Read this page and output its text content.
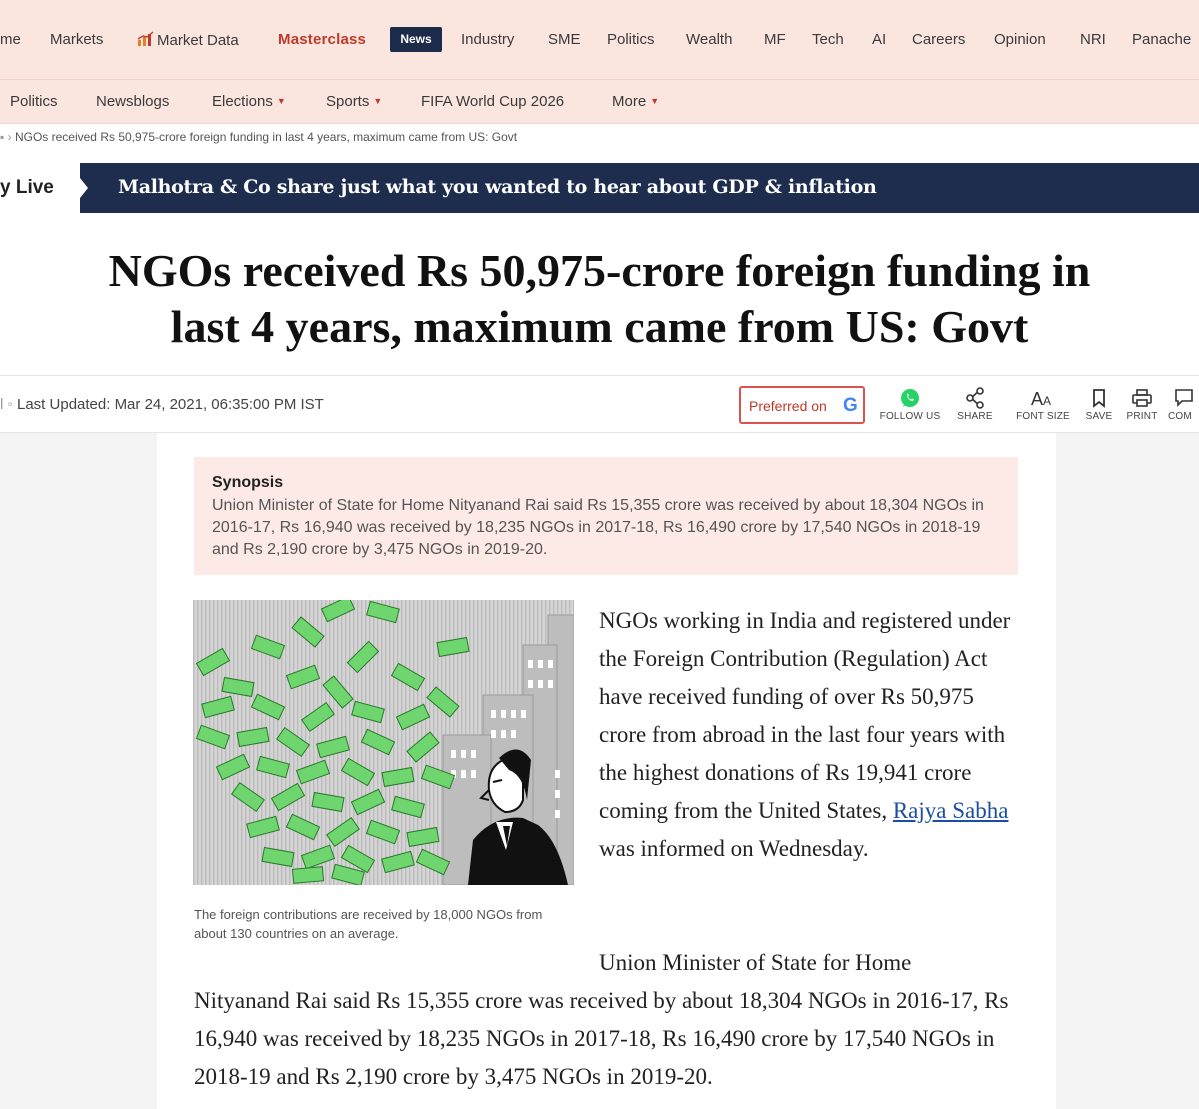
me Markets	Market Data	Masterclass	News	Industry SME Politics Wealth MF Tech AI Careers Opinion NRI Panache
Politics	Newsblogs	Elections ▼	Sports ▼	FIFA World Cup 2026	More ▼
▪ › NGOs received Rs 50,975-crore foreign funding in last 4 years, maximum came from US: Govt
y Live	Malhotra & Co share just what you wanted to hear about GDP & inflation
NGOs received Rs 50,975-crore foreign funding in
last 4 years, maximum came from US: Govt
l ◦ Last Updated: Mar 24, 2021, 06:35:00 PM IST	Preferred on G
FOLLOW US	SHARE
A A
FONT SIZE	SAVE	PRINT	COM
Synopsis
Union Minister of State for Home Nityanand Rai said Rs 15,355 crore was received by about 18,304 NGOs in 2016-17, Rs 16,940 was received by 18,235 NGOs in 2017-18, Rs 16,490 crore by 17,540 NGOs in 2018-19 and Rs 2,190 crore by 3,475 NGOs in 2019-20.
The foreign contributions are received by 18,000 NGOs from about 130 countries on an average.

NGOs working in India and registered under the Foreign Contribution (Regulation) Act have received funding of over Rs 50,975 crore from abroad in the last four years with the highest donations of Rs 19,941 crore coming from the United States, Rajya Sabha was informed on Wednesday.

Union Minister of State for Home

Nityanand Rai said Rs 15,355 crore was received by about 18,304 NGOs in 2016-17, Rs 16,940 was received by 18,235 NGOs in 2017-18, Rs 16,490 crore by 17,540 NGOs in 2018-19 and Rs 2,190 crore by 3,475 NGOs in 2019-20.
